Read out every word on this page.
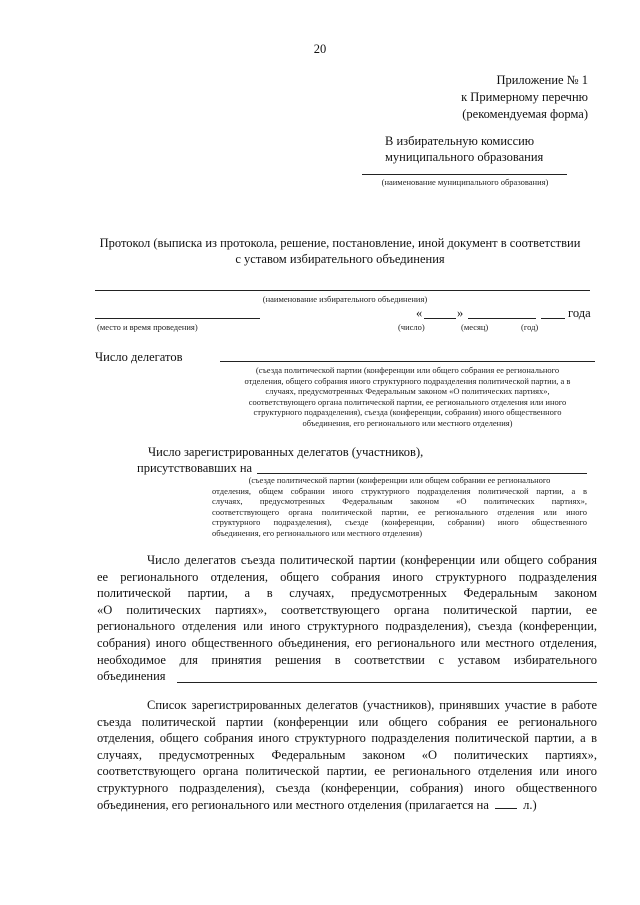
20
Приложение № 1
к Примерному перечню
(рекомендуемая форма)
В избирательную комиссию
муниципального образования
(наименование муниципального образования)
Протокол (выписка из протокола, решение, постановление, иной документ в соответствии
с уставом избирательного объединения
(наименование избирательного объединения)
«	»	года
(место и время проведения)	(число)	(месяц)	(год)
Число делегатов
(съезда политической партии (конференции или общего собрания ее регионального
отделения, общего собрания иного структурного подразделения политической партии, а в
случаях, предусмотренных Федеральным законом «О политических партиях»,
соответствующего органа политической партии, ее регионального отделения или иного
структурного подразделения), съезда (конференции, собрания) иного общественного
объединения, его регионального или местного отделения)
Число зарегистрированных делегатов (участников),
присутствовавших на
(съезде политической партии (конференции или общем собрании ее регионального
отделения, общем собрании иного структурного подразделения политической партии, а в
случаях, предусмотренных Федеральным законом «О политических партиях»,
соответствующего органа политической партии, ее регионального отделения или иного
структурного подразделения), съезде (конференции, собрании) иного общественного
объединения, его регионального или местного отделения)
Число делегатов съезда политической партии (конференции или общего собрания
ее регионального отделения, общего собрания иного структурного подразделения
политической партии, а в случаях, предусмотренных Федеральным законом
«О политических партиях», соответствующего органа политической партии, ее
регионального отделения или иного структурного подразделения), съезда (конференции,
собрания) иного общественного объединения, его регионального или местного отделения,
необходимое для принятия решения в соответствии с уставом избирательного
объединения
Список зарегистрированных делегатов (участников), принявших участие в работе
съезда политической партии (конференции или общего собрания ее регионального
отделения, общего собрания иного структурного подразделения политической партии, а в
случаях, предусмотренных Федеральным законом «О политических партиях»,
соответствующего органа политической партии, ее регионального отделения или иного
структурного подразделения), съезда (конференции, собрания) иного общественного
объединения, его регионального или местного отделения (прилагается на	л.)
